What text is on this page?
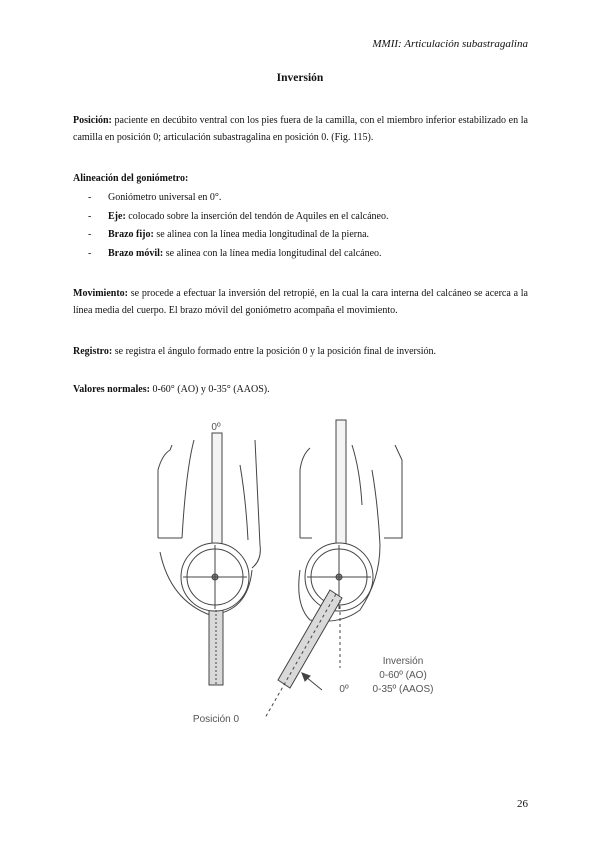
MMII: Articulación subastragalina
Inversión
Posición: paciente en decúbito ventral con los pies fuera de la camilla, con el miembro inferior estabilizado en la camilla en posición 0; articulación subastragalina en posición 0. (Fig. 115).
Alineación del goniómetro:
- Goniómetro universal en 0°.
- Eje: colocado sobre la inserción del tendón de Aquiles en el calcáneo.
- Brazo fijo: se alinea con la línea media longitudinal de la pierna.
- Brazo móvil: se alinea con la línea media longitudinal del calcáneo.
Movimiento: se procede a efectuar la inversión del retropié, en la cual la cara interna del calcáneo se acerca a la línea media del cuerpo. El brazo móvil del goniómetro acompaña el movimiento.
Registro: se registra el ángulo formado entre la posición 0 y la posición final de inversión.
Valores normales: 0-60° (AO) y 0-35° (AAOS).
0º
0º
Posición 0
Inversión
0-60º (AO)
0-35º (AAOS)
26
